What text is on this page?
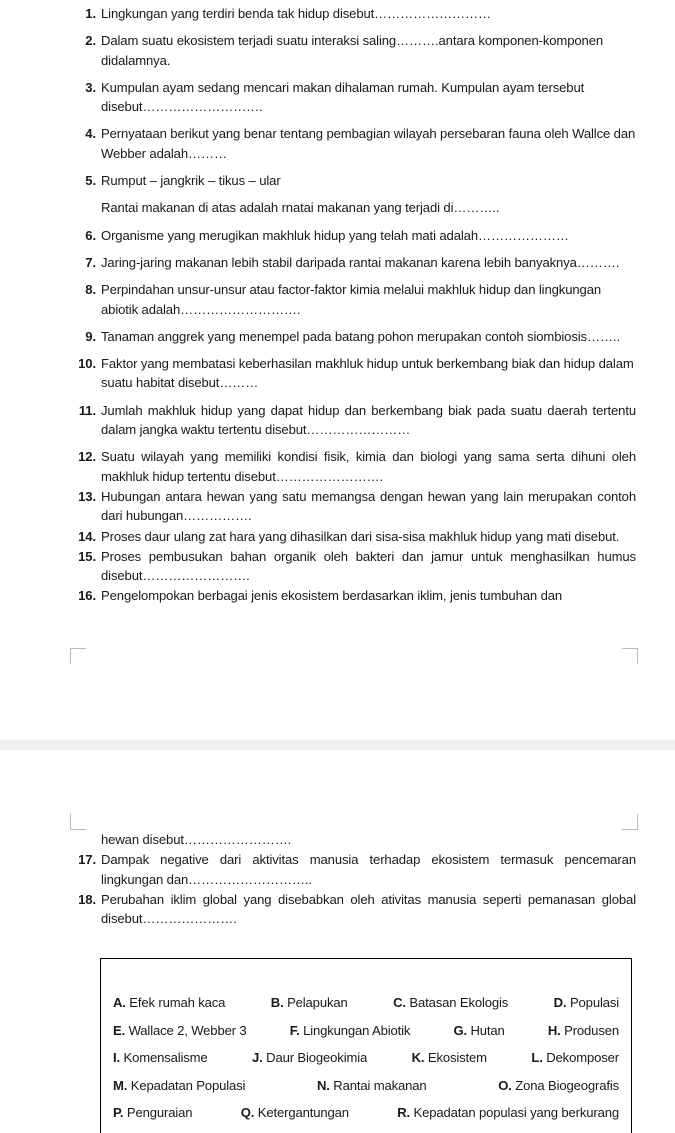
1. Lingkungan yang terdiri benda tak hidup disebut………………………
2. Dalam suatu ekosistem terjadi suatu interaksi saling……….antara komponen-komponen didalamnya.
3. Kumpulan ayam sedang mencari makan dihalaman rumah. Kumpulan ayam tersebut disebut……………………….
4. Pernyataan berikut yang benar tentang pembagian wilayah persebaran fauna oleh Wallce dan Webber adalah………
5. Rumput – jangkrik – tikus – ular
Rantai makanan di atas adalah rnatai makanan yang terjadi di………..
6. Organisme yang merugikan makhluk hidup yang telah mati adalah…………………
7. Jaring-jaring makanan lebih stabil daripada rantai makanan karena lebih banyaknya……….
8. Perpindahan unsur-unsur atau factor-faktor kimia melalui makhluk hidup dan lingkungan abiotik adalah……………………….
9. Tanaman anggrek yang menempel pada batang pohon merupakan contoh siombiosis……..
10. Faktor yang membatasi keberhasilan makhluk hidup untuk berkembang biak dan hidup dalam suatu habitat disebut………
11. Jumlah makhluk hidup yang dapat hidup dan berkembang biak pada suatu daerah tertentu dalam jangka waktu tertentu disebut……………………
12. Suatu wilayah yang memiliki kondisi fisik, kimia dan biologi yang sama serta dihuni oleh makhluk hidup tertentu disebut…………………….
13. Hubungan antara hewan yang satu memangsa dengan hewan yang lain merupakan contoh dari hubungan…………….
14. Proses daur ulang zat hara yang dihasilkan dari sisa-sisa makhluk hidup yang mati disebut.
15. Proses pembusukan bahan organik oleh bakteri dan jamur untuk menghasilkan humus disebut…………………….
16. Pengelompokan berbagai jenis ekosistem berdasarkan iklim, jenis tumbuhan dan
hewan disebut…………………….
17. Dampak negative dari aktivitas manusia terhadap ekosistem termasuk pencemaran lingkungan dan………………………..
18. Perubahan iklim global yang disebabkan oleh ativitas manusia seperti pemanasan global disebut………………….
A. Efek rumah kaca	B. Pelapukan	C. Batasan Ekologis	D. Populasi
E. Wallace 2, Webber 3	F. Lingkungan Abiotik	G. Hutan	H. Produsen
I. Komensalisme	J. Daur Biogeokimia	K. Ekosistem	L. Dekomposer
M. Kepadatan Populasi	N. Rantai makanan	O. Zona Biogeografis
P. Penguraian	Q. Ketergantungan	R. Kepadatan populasi yang berkurang
